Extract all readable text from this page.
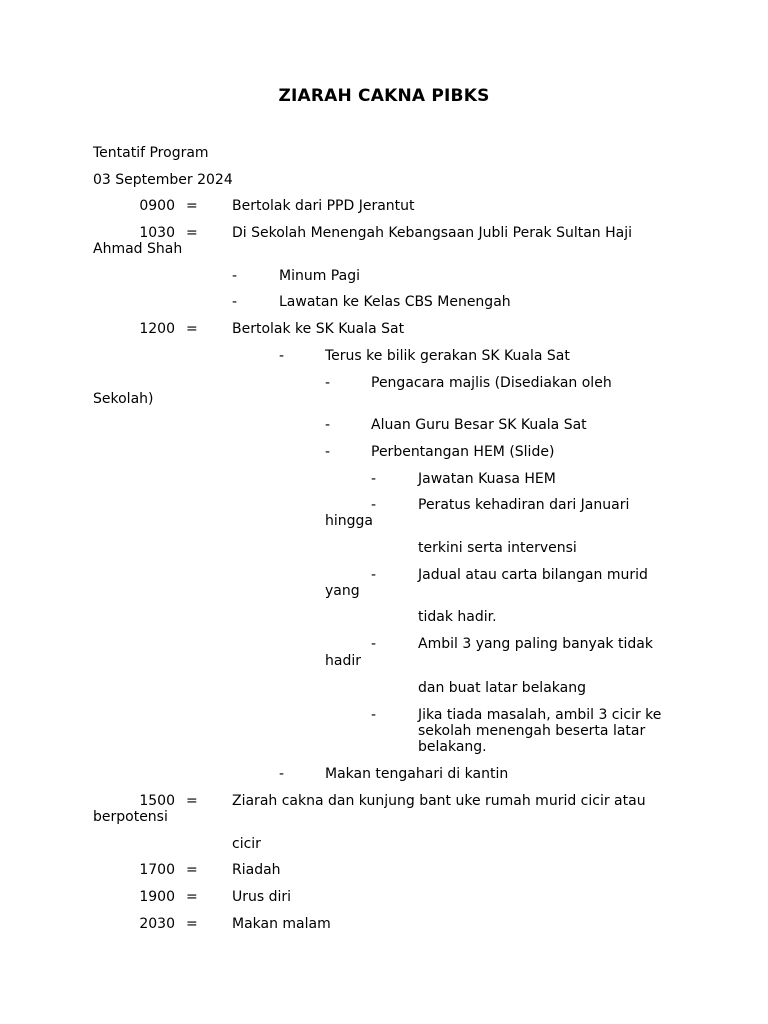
ZIARAH CAKNA PIBKS
Tentatif Program
03 September 2024
0900 = Bertolak dari PPD Jerantut
1030 = Di Sekolah Menengah Kebangsaan Jubli Perak Sultan Haji
Ahmad Shah
-	Minum Pagi
-	Lawatan ke Kelas CBS Menengah
1200 = Bertolak ke SK Kuala Sat
-	Terus ke bilik gerakan SK Kuala Sat
-	Pengacara majlis (Disediakan oleh
Sekolah)
-	Aluan Guru Besar SK Kuala Sat
-	Perbentangan HEM (Slide)
-	Jawatan Kuasa HEM
-	Peratus kehadiran dari Januari
hingga
terkini serta intervensi
-	Jadual atau carta bilangan murid
yang
tidak hadir.
-	Ambil 3 yang paling banyak tidak
hadir
dan buat latar belakang
-	Jika tiada masalah, ambil 3 cicir ke sekolah menengah beserta latar belakang.
-	Makan tengahari di kantin
1500 = Ziarah cakna dan kunjung bant uke rumah murid cicir atau
berpotensi
cicir
1700 = Riadah
1900 = Urus diri
2030 = Makan malam
